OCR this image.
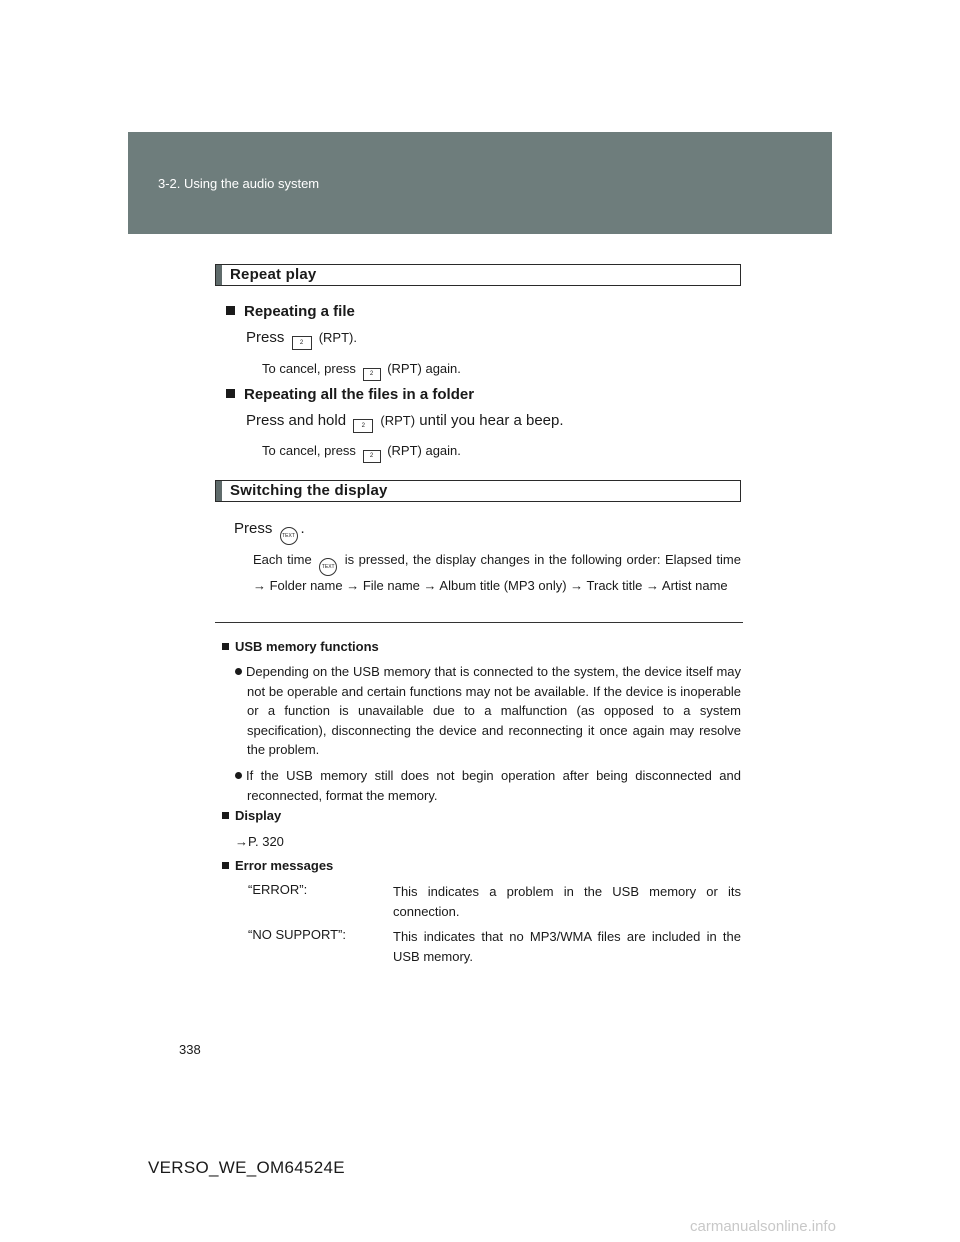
3-2. Using the audio system
Repeat play
Repeating a file
Press	2 (RPT).
To cancel, press 2 (RPT) again.
Repeating all the files in a folder
Press and hold	2 (RPT) until you hear a beep.
To cancel, press 2 (RPT) again.
Switching the display
Press TEXT .
Each time TEXT is pressed, the display changes in the following order: Elapsed time → Folder name → File name → Album title (MP3 only) → Track title → Artist name
USB memory functions
Depending on the USB memory that is connected to the system, the device itself may not be operable and certain functions may not be available. If the device is inoperable or a function is unavailable due to a malfunction (as opposed to a system specification), disconnecting the device and reconnecting it once again may resolve the problem.
If the USB memory still does not begin operation after being disconnected and reconnected, format the memory.
Display
→P. 320
Error messages
“ERROR”:	This indicates a problem in the USB memory or its connection.
“NO SUPPORT”:	This indicates that no MP3/WMA files are included in the USB memory.
338
VERSO_WE_OM64524E
carmanualsonline.info
